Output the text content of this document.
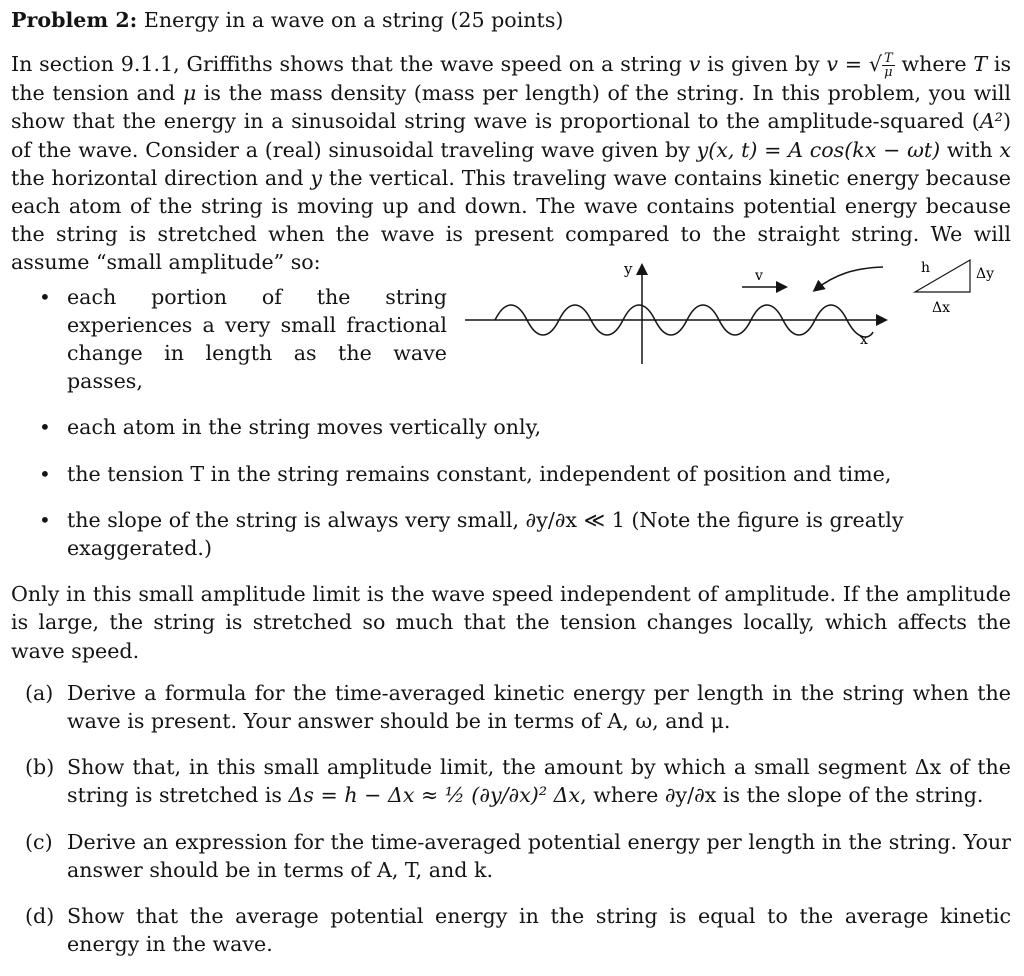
Problem 2: Energy in a wave on a string (25 points)

In section 9.1.1, Griffiths shows that the wave speed on a string v is given by v = √ $\frac{T}{\mu}$ where T is the tension and μ is the mass density (mass per length) of the string. In this problem, you will show that the energy in a sinusoidal string wave is proportional to the amplitude-squared (A²) of the wave. Consider a (real) sinusoidal traveling wave given by y(x, t) = A cos(kx − ωt) with x the horizontal direction and y the vertical. This traveling wave contains kinetic energy because each atom of the string is moving up and down. The wave contains potential energy because the string is stretched when the wave is present compared to the straight string. We will assume “small amplitude” so:

• each portion of the string experiences a very small fractional change in length as the wave passes,
• each atom in the string moves vertically only,
• the tension T in the string remains constant, independent of position and time,
• the slope of the string is always very small, ∂y/∂x ≪ 1 (Note the figure is greatly exaggerated.)

Only in this small amplitude limit is the wave speed independent of amplitude. If the amplitude is large, the string is stretched so much that the tension changes locally, which affects the wave speed.

(a) Derive a formula for the time-averaged kinetic energy per length in the string when the wave is present. Your answer should be in terms of A, ω, and μ.
(b) Show that, in this small amplitude limit, the amount by which a small segment Δx of the string is stretched is Δs = h − Δx ≈ ½ (∂y/∂x)² Δx, where ∂y/∂x is the slope of the string.
(c) Derive an expression for the time-averaged potential energy per length in the string. Your answer should be in terms of A, T, and k.
(d) Show that the average potential energy in the string is equal to the average kinetic energy in the wave.
y
x
v	h	Δy
Δx
